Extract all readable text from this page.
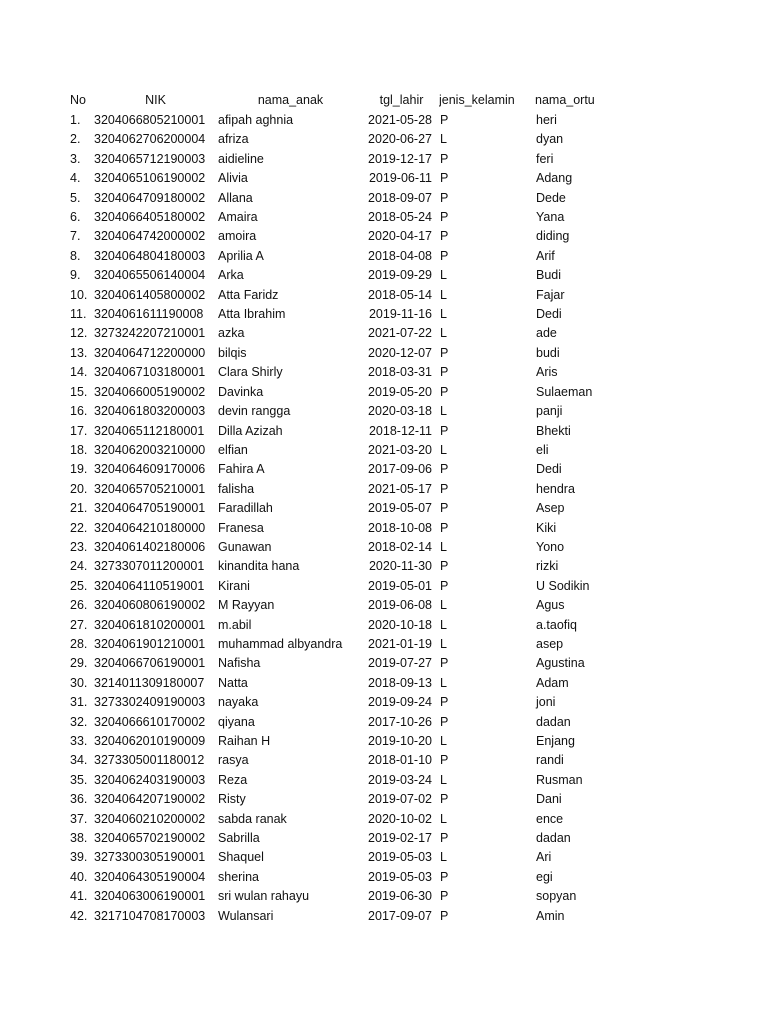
No	NIK	nama_anak	tgl_lahir	jenis_kelamin	nama_ortu
1.	3204066805210001	afipah aghnia	2021-05-28	P	heri
2.	3204062706200004	afriza	2020-06-27	L	dyan
3.	3204065712190003	aidieline	2019-12-17	P	feri
4.	3204065106190002	Alivia	2019-06-11	P	Adang
5.	3204064709180002	Allana	2018-09-07	P	Dede
6.	3204066405180002	Amaira	2018-05-24	P	Yana
7.	3204064742000002	amoira	2020-04-17	P	diding
8.	3204064804180003	Aprilia A	2018-04-08	P	Arif
9.	3204065506140004	Arka	2019-09-29	L	Budi
10.	3204061405800002	Atta Faridz	2018-05-14	L	Fajar
11.	3204061611190008	Atta Ibrahim	2019-11-16	L	Dedi
12.	3273242207210001	azka	2021-07-22	L	ade
13.	3204064712200000	bilqis	2020-12-07	P	budi
14.	3204067103180001	Clara Shirly	2018-03-31	P	Aris
15.	3204066005190002	Davinka	2019-05-20	P	Sulaeman
16.	3204061803200003	devin rangga	2020-03-18	L	panji
17.	3204065112180001	Dilla Azizah	2018-12-11	P	Bhekti
18.	3204062003210000	elfian	2021-03-20	L	eli
19.	3204064609170006	Fahira A	2017-09-06	P	Dedi
20.	3204065705210001	falisha	2021-05-17	P	hendra
21.	3204064705190001	Faradillah	2019-05-07	P	Asep
22.	3204064210180000	Franesa	2018-10-08	P	Kiki
23.	3204061402180006	Gunawan	2018-02-14	L	Yono
24.	3273307011200001	kinandita hana	2020-11-30	P	rizki
25.	3204064110519001	Kirani	2019-05-01	P	U Sodikin
26.	3204060806190002	M Rayyan	2019-06-08	L	Agus
27.	3204061810200001	m.abil	2020-10-18	L	a.taofiq
28.	3204061901210001	muhammad albyandra	2021-01-19	L	asep
29.	3204066706190001	Nafisha	2019-07-27	P	Agustina
30.	3214011309180007	Natta	2018-09-13	L	Adam
31.	3273302409190003	nayaka	2019-09-24	P	joni
32.	3204066610170002	qiyana	2017-10-26	P	dadan
33.	3204062010190009	Raihan H	2019-10-20	L	Enjang
34.	3273305001180012	rasya	2018-01-10	P	randi
35.	3204062403190003	Reza	2019-03-24	L	Rusman
36.	3204064207190002	Risty	2019-07-02	P	Dani
37.	3204060210200002	sabda ranak	2020-10-02	L	ence
38.	3204065702190002	Sabrilla	2019-02-17	P	dadan
39.	3273300305190001	Shaquel	2019-05-03	L	Ari
40.	3204064305190004	sherina	2019-05-03	P	egi
41.	3204063006190001	sri wulan rahayu	2019-06-30	P	sopyan
42.	3217104708170003	Wulansari	2017-09-07	P	Amin
